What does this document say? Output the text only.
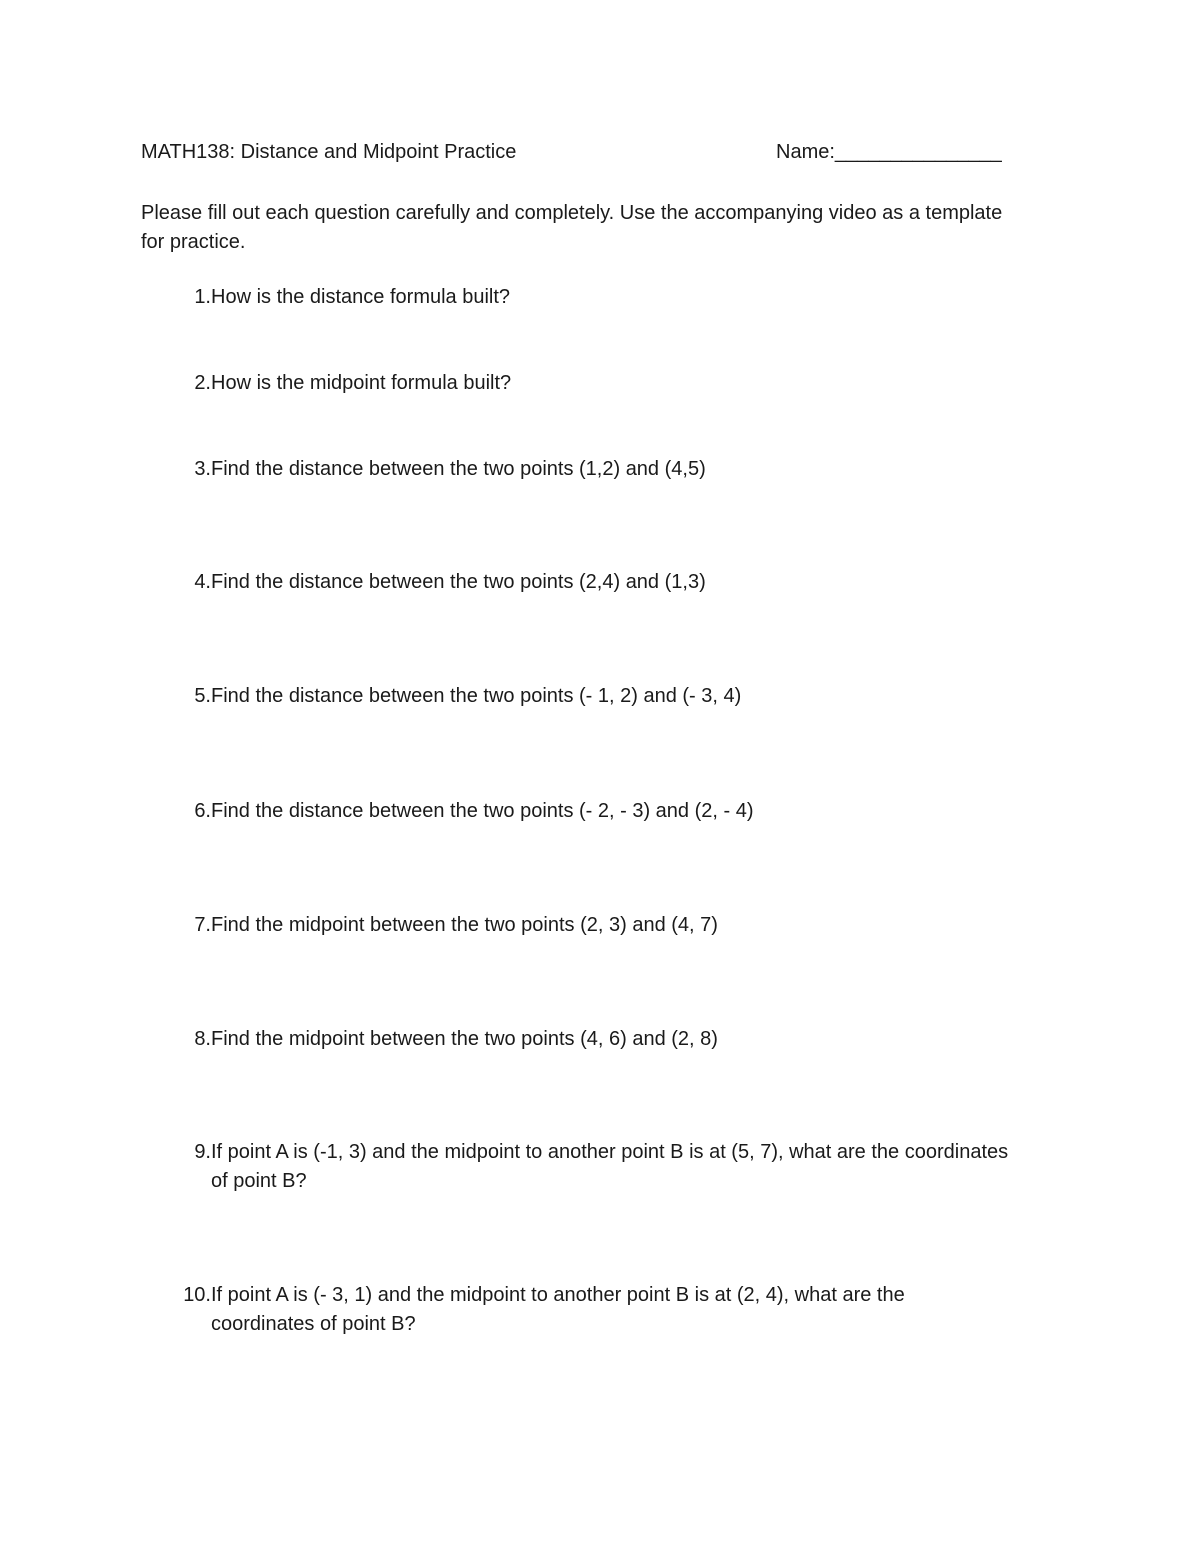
MATH138: Distance and Midpoint Practice	Name:_______________
Please fill out each question carefully and completely. Use the accompanying video as a template for practice.
1. How is the distance formula built?
2. How is the midpoint formula built?
3. Find the distance between the two points (1,2) and (4,5)
4. Find the distance between the two points (2,4) and (1,3)
5. Find the distance between the two points (- 1, 2) and (- 3, 4)
6. Find the distance between the two points (- 2, - 3) and (2, - 4)
7. Find the midpoint between the two points (2, 3) and (4, 7)
8. Find the midpoint between the two points (4, 6) and (2, 8)
9. If point A is (-1, 3) and the midpoint to another point B is at (5, 7), what are the coordinates of point B?
10. If point A is (- 3, 1) and the midpoint to another point B is at (2, 4), what are the coordinates of point B?
